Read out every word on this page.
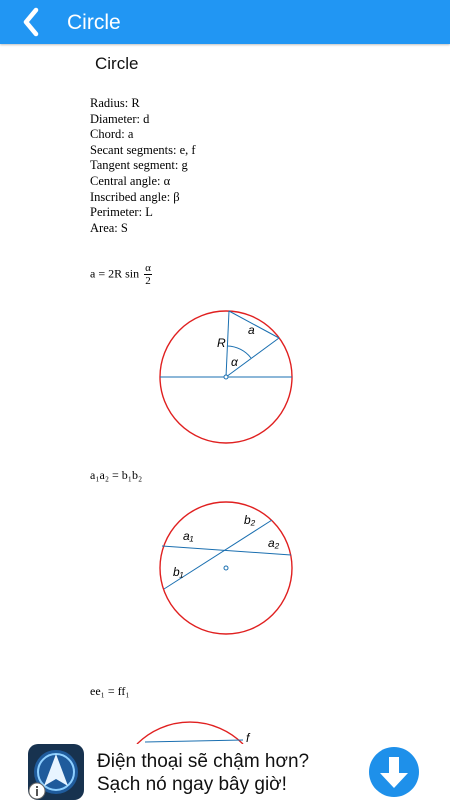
Circle
Circle
Radius: R
Diameter: d
Chord: a
Secant segments: e, f
Tangent segment: g
Central angle: α
Inscribed angle: β
Perimeter: L
Area: S
a = 2R $\sin \frac{\alpha}{2}$
a
R
α
a₁a₂ = b₁b₂
a₁	a₂
b₁
b₂
ee₁ = ff₁
f
Điện thoại sẽ chậm hơn?
Sạch nó ngay bây giờ!
